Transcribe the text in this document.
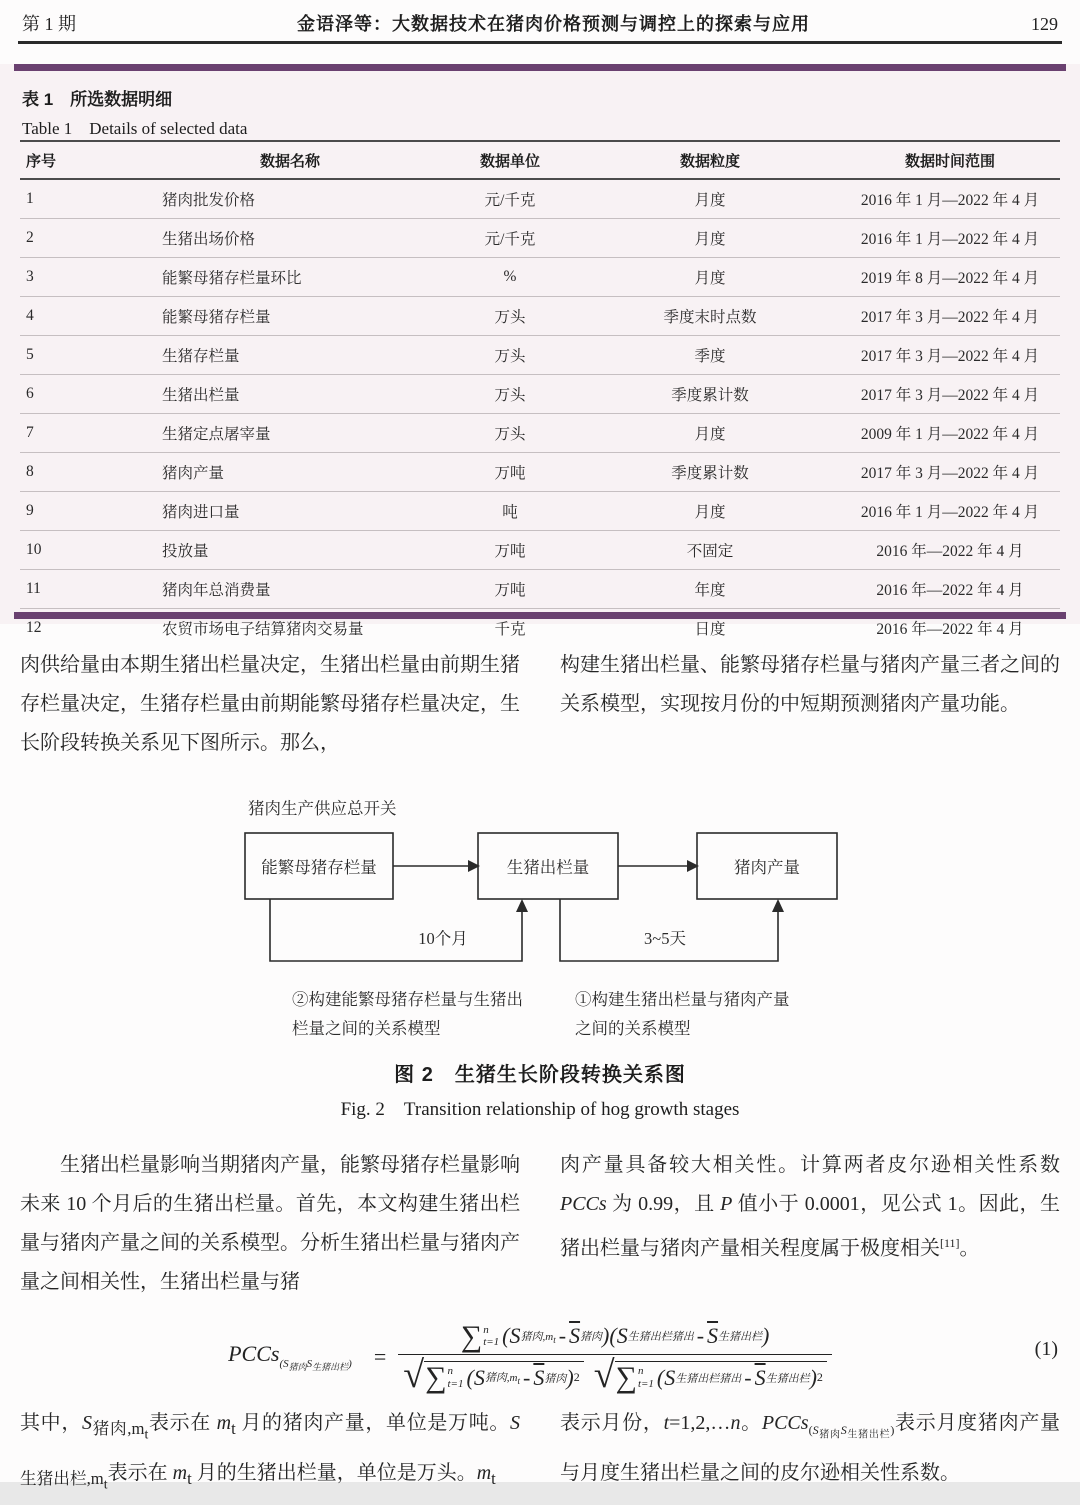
第 1 期	金语泽等：大数据技术在猪肉价格预测与调控上的探索与应用	129
表 1　所选数据明细
Table 1　Details of selected data
序号	数据名称	数据单位	数据粒度	数据时间范围
1	猪肉批发价格	元/千克	月度	2016 年 1 月—2022 年 4 月
2	生猪出场价格	元/千克	月度	2016 年 1 月—2022 年 4 月
3	能繁母猪存栏量环比	%	月度	2019 年 8 月—2022 年 4 月
4	能繁母猪存栏量	万头	季度末时点数	2017 年 3 月—2022 年 4 月
5	生猪存栏量	万头	季度	2017 年 3 月—2022 年 4 月
6	生猪出栏量	万头	季度累计数	2017 年 3 月—2022 年 4 月
7	生猪定点屠宰量	万头	月度	2009 年 1 月—2022 年 4 月
8	猪肉产量	万吨	季度累计数	2017 年 3 月—2022 年 4 月
9	猪肉进口量	吨	月度	2016 年 1 月—2022 年 4 月
10	投放量	万吨	不固定	2016 年—2022 年 4 月
11	猪肉年总消费量	万吨	年度	2016 年—2022 年 4 月
12	农贸市场电子结算猪肉交易量	千克	日度	2016 年—2022 年 4 月

肉供给量由本期生猪出栏量决定，生猪出栏量由前期生猪存栏量决定，生猪存栏量由前期能繁母猪存栏量决定，生长阶段转换关系见下图所示。那么，

构建生猪出栏量、能繁母猪存栏量与猪肉产量三者之间的关系模型，实现按月份的中短期预测猪肉产量功能。

猪肉生产供应总开关
能繁母猪存栏量	生猪出栏量	猪肉产量
10个月	3~5天
②构建能繁母猪存栏量与生猪出
栏量之间的关系模型
①构建生猪出栏量与猪肉产量
之间的关系模型
图 2　生猪生长阶段转换关系图
Fig. 2　Transition relationship of hog growth stages

生猪出栏量影响当期猪肉产量，能繁母猪存栏量影响未来 10 个月后的生猪出栏量。首先，本文构建生猪出栏量与猪肉产量之间的关系模型。分析生猪出栏量与猪肉产量之间相关性，生猪出栏量与猪

肉产量具备较大相关性。计算两者皮尔逊相关性系数 PCCs 为 0.99，且 P 值小于 0.0001，见公式 1。因此，生猪出栏量与猪肉产量相关程度属于极度相关[11]。

PCCs$_{(S_{猪肉}S_{生猪出栏})}$ = ∑ n
t=1 ( S 猪肉$,m_t - \overline{S}$ 猪肉 ) ( S 生猪出栏猪出 - $\overline{S}$ 生猪出栏 )
√ ∑ n
t=1 ( S 猪肉$,m_t - \overline{S}$ 猪肉 ) 2 √ ∑ n
t=1 ( S 生猪出栏猪出 - $\overline{S}$ 生猪出栏 ) 2	(1)

其中，$S_{猪肉,m_t}$表示在 $m_t$ 月的猪肉产量，单位是万吨。$S_{生猪出栏,m_t}$表示在 $m_t$ 月的生猪出栏量，单位是万头。$m_t$

表示月份，t=1,2,…n。PCCs$_{(S_{猪肉}S_{生猪出栏})}$表示月度猪肉产量与月度生猪出栏量之间的皮尔逊相关性系数。
